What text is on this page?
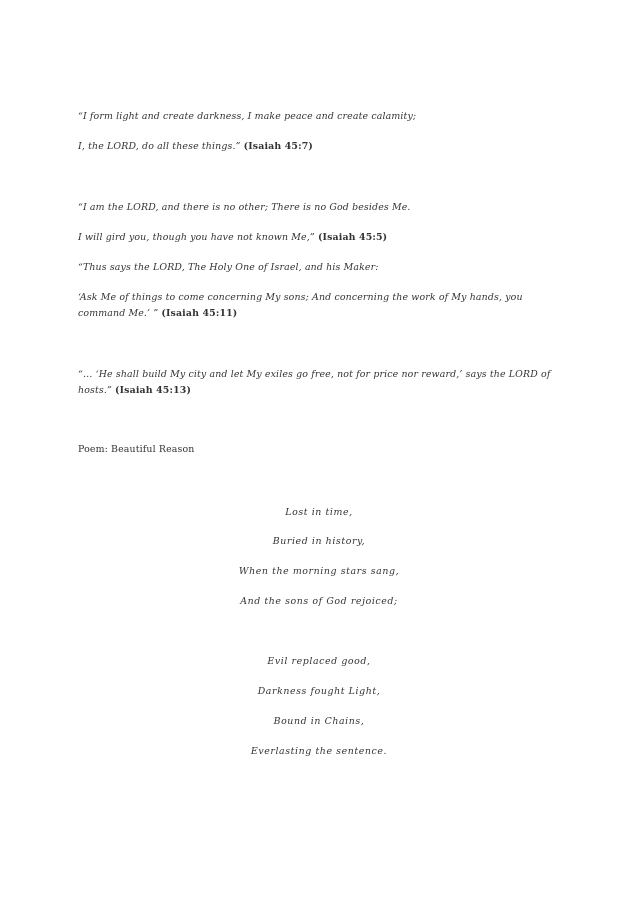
“I form light and create darkness, I make peace and create calamity;
I, the LORD, do all these things.” (Isaiah 45:7)
“I am the LORD, and there is no other; There is no God besides Me.
I will gird you, though you have not known Me,” (Isaiah 45:5)
“Thus says the LORD, The Holy One of Israel, and his Maker:
‘Ask Me of things to come concerning My sons; And concerning the work of My hands, you command Me.’ ” (Isaiah 45:11)
“… ‘He shall build My city and let My exiles go free, not for price nor reward,’ says the LORD of hosts.” (Isaiah 45:13)
Poem: Beautiful Reason
Lost in time,
Buried in history,
When the morning stars sang,
And the sons of God rejoiced;
Evil replaced good,
Darkness fought Light,
Bound in Chains,
Everlasting the sentence.
